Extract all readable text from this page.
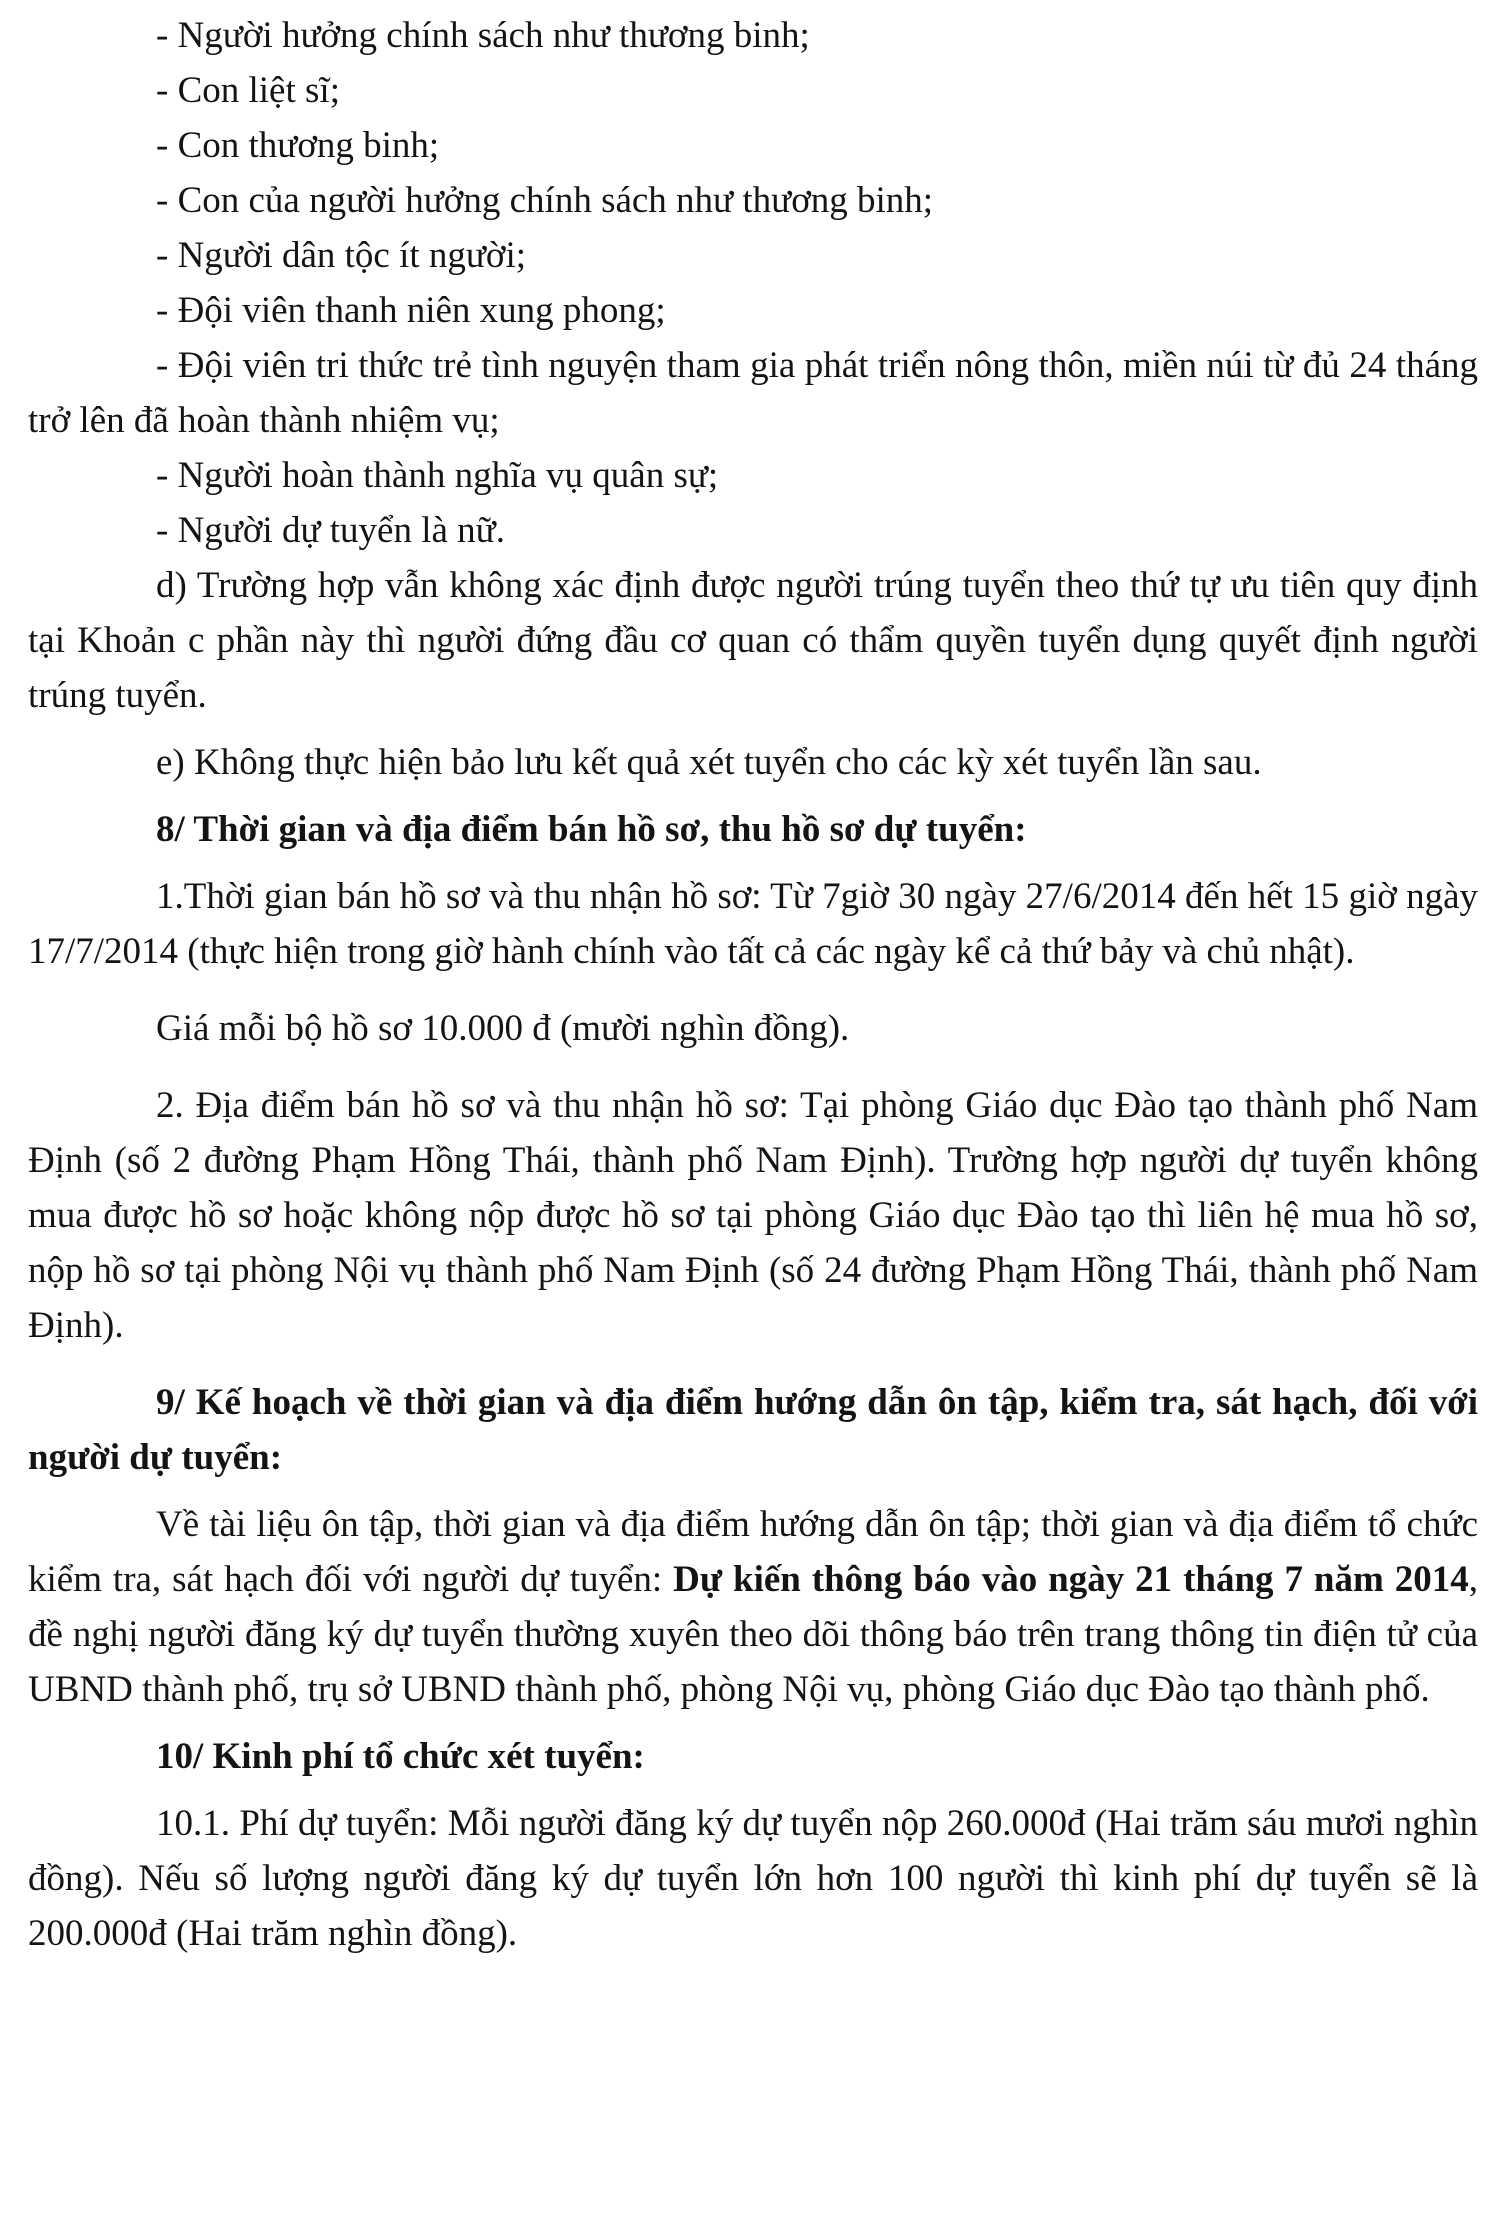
- Người hưởng chính sách như thương binh;

- Con liệt sĩ;

- Con thương binh;

- Con của người hưởng chính sách như thương binh;

- Người dân tộc ít người;

- Đội viên thanh niên xung phong;

- Đội viên tri thức trẻ tình nguyện tham gia phát triển nông thôn, miền núi từ đủ 24 tháng trở lên đã hoàn thành nhiệm vụ;

- Người hoàn thành nghĩa vụ quân sự;

- Người dự tuyển là nữ.

d) Trường hợp vẫn không xác định được người trúng tuyển theo thứ tự ưu tiên quy định tại Khoản c phần này thì người đứng đầu cơ quan có thẩm quyền tuyển dụng quyết định người trúng tuyển.

e) Không thực hiện bảo lưu kết quả xét tuyển cho các kỳ xét tuyển lần sau.

8/ Thời gian và địa điểm bán hồ sơ, thu hồ sơ dự tuyển:

1.Thời gian bán hồ sơ và thu nhận hồ sơ: Từ 7giờ 30 ngày 27/6/2014 đến hết 15 giờ ngày 17/7/2014 (thực hiện trong giờ hành chính vào tất cả các ngày kể cả thứ bảy và chủ nhật).

Giá mỗi bộ hồ sơ 10.000 đ (mười nghìn đồng).

2. Địa điểm bán hồ sơ và thu nhận hồ sơ: Tại phòng Giáo dục Đào tạo thành phố Nam Định (số 2 đường Phạm Hồng Thái, thành phố Nam Định). Trường hợp người dự tuyển không mua được hồ sơ hoặc không nộp được hồ sơ tại phòng Giáo dục Đào tạo thì liên hệ mua hồ sơ, nộp hồ sơ tại phòng Nội vụ thành phố Nam Định (số 24 đường Phạm Hồng Thái, thành phố Nam Định).

9/ Kế hoạch về thời gian và địa điểm hướng dẫn ôn tập, kiểm tra, sát hạch, đối với người dự tuyển:

Về tài liệu ôn tập, thời gian và địa điểm hướng dẫn ôn tập; thời gian và địa điểm tổ chức kiểm tra, sát hạch đối với người dự tuyển: Dự kiến thông báo vào ngày 21 tháng 7 năm 2014, đề nghị người đăng ký dự tuyển thường xuyên theo dõi thông báo trên trang thông tin điện tử của UBND thành phố, trụ sở UBND thành phố, phòng Nội vụ, phòng Giáo dục Đào tạo thành phố.

10/ Kinh phí tổ chức xét tuyển:

10.1. Phí dự tuyển: Mỗi người đăng ký dự tuyển nộp 260.000đ (Hai trăm sáu mươi nghìn đồng). Nếu số lượng người đăng ký dự tuyển lớn hơn 100 người thì kinh phí dự tuyển sẽ là 200.000đ (Hai trăm nghìn đồng).
